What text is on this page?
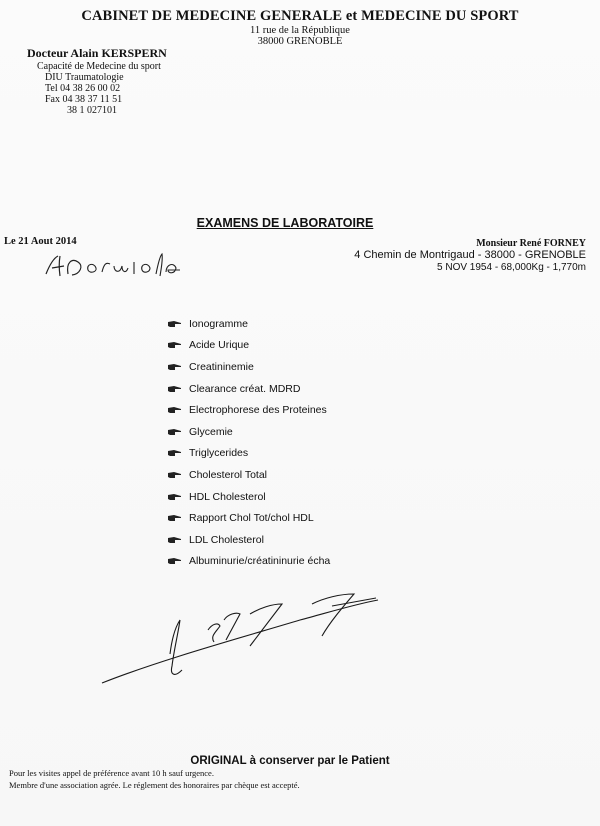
CABINET DE MEDECINE GENERALE et MEDECINE DU SPORT
11 rue de la République
38000 GRENOBLE
Docteur Alain KERSPERN
Capacité de Medecine du sport
DIU Traumatologie
Tel 04 38 26 00 02
Fax 04 38 37 11 51
38 1 027101
EXAMENS DE LABORATOIRE
Le 21 Aout 2014	Monsieur René FORNEY
4 Chemin de Montrigaud - 38000 - GRENOBLE
5 NOV 1954 - 68,000Kg - 1,770m
Ionogramme
Acide Urique
Creatininemie
Clearance créat. MDRD
Electrophorese des Proteines
Glycemie
Triglycerides
Cholesterol Total
HDL Cholesterol
Rapport Chol Tot/chol HDL
LDL Cholesterol
Albuminurie/créatininurie écha
ORIGINAL à conserver par le Patient
Pour les visites appel de préférence avant 10 h sauf urgence.
Membre d'une association agrée. Le réglement des honoraires par chèque est accepté.
